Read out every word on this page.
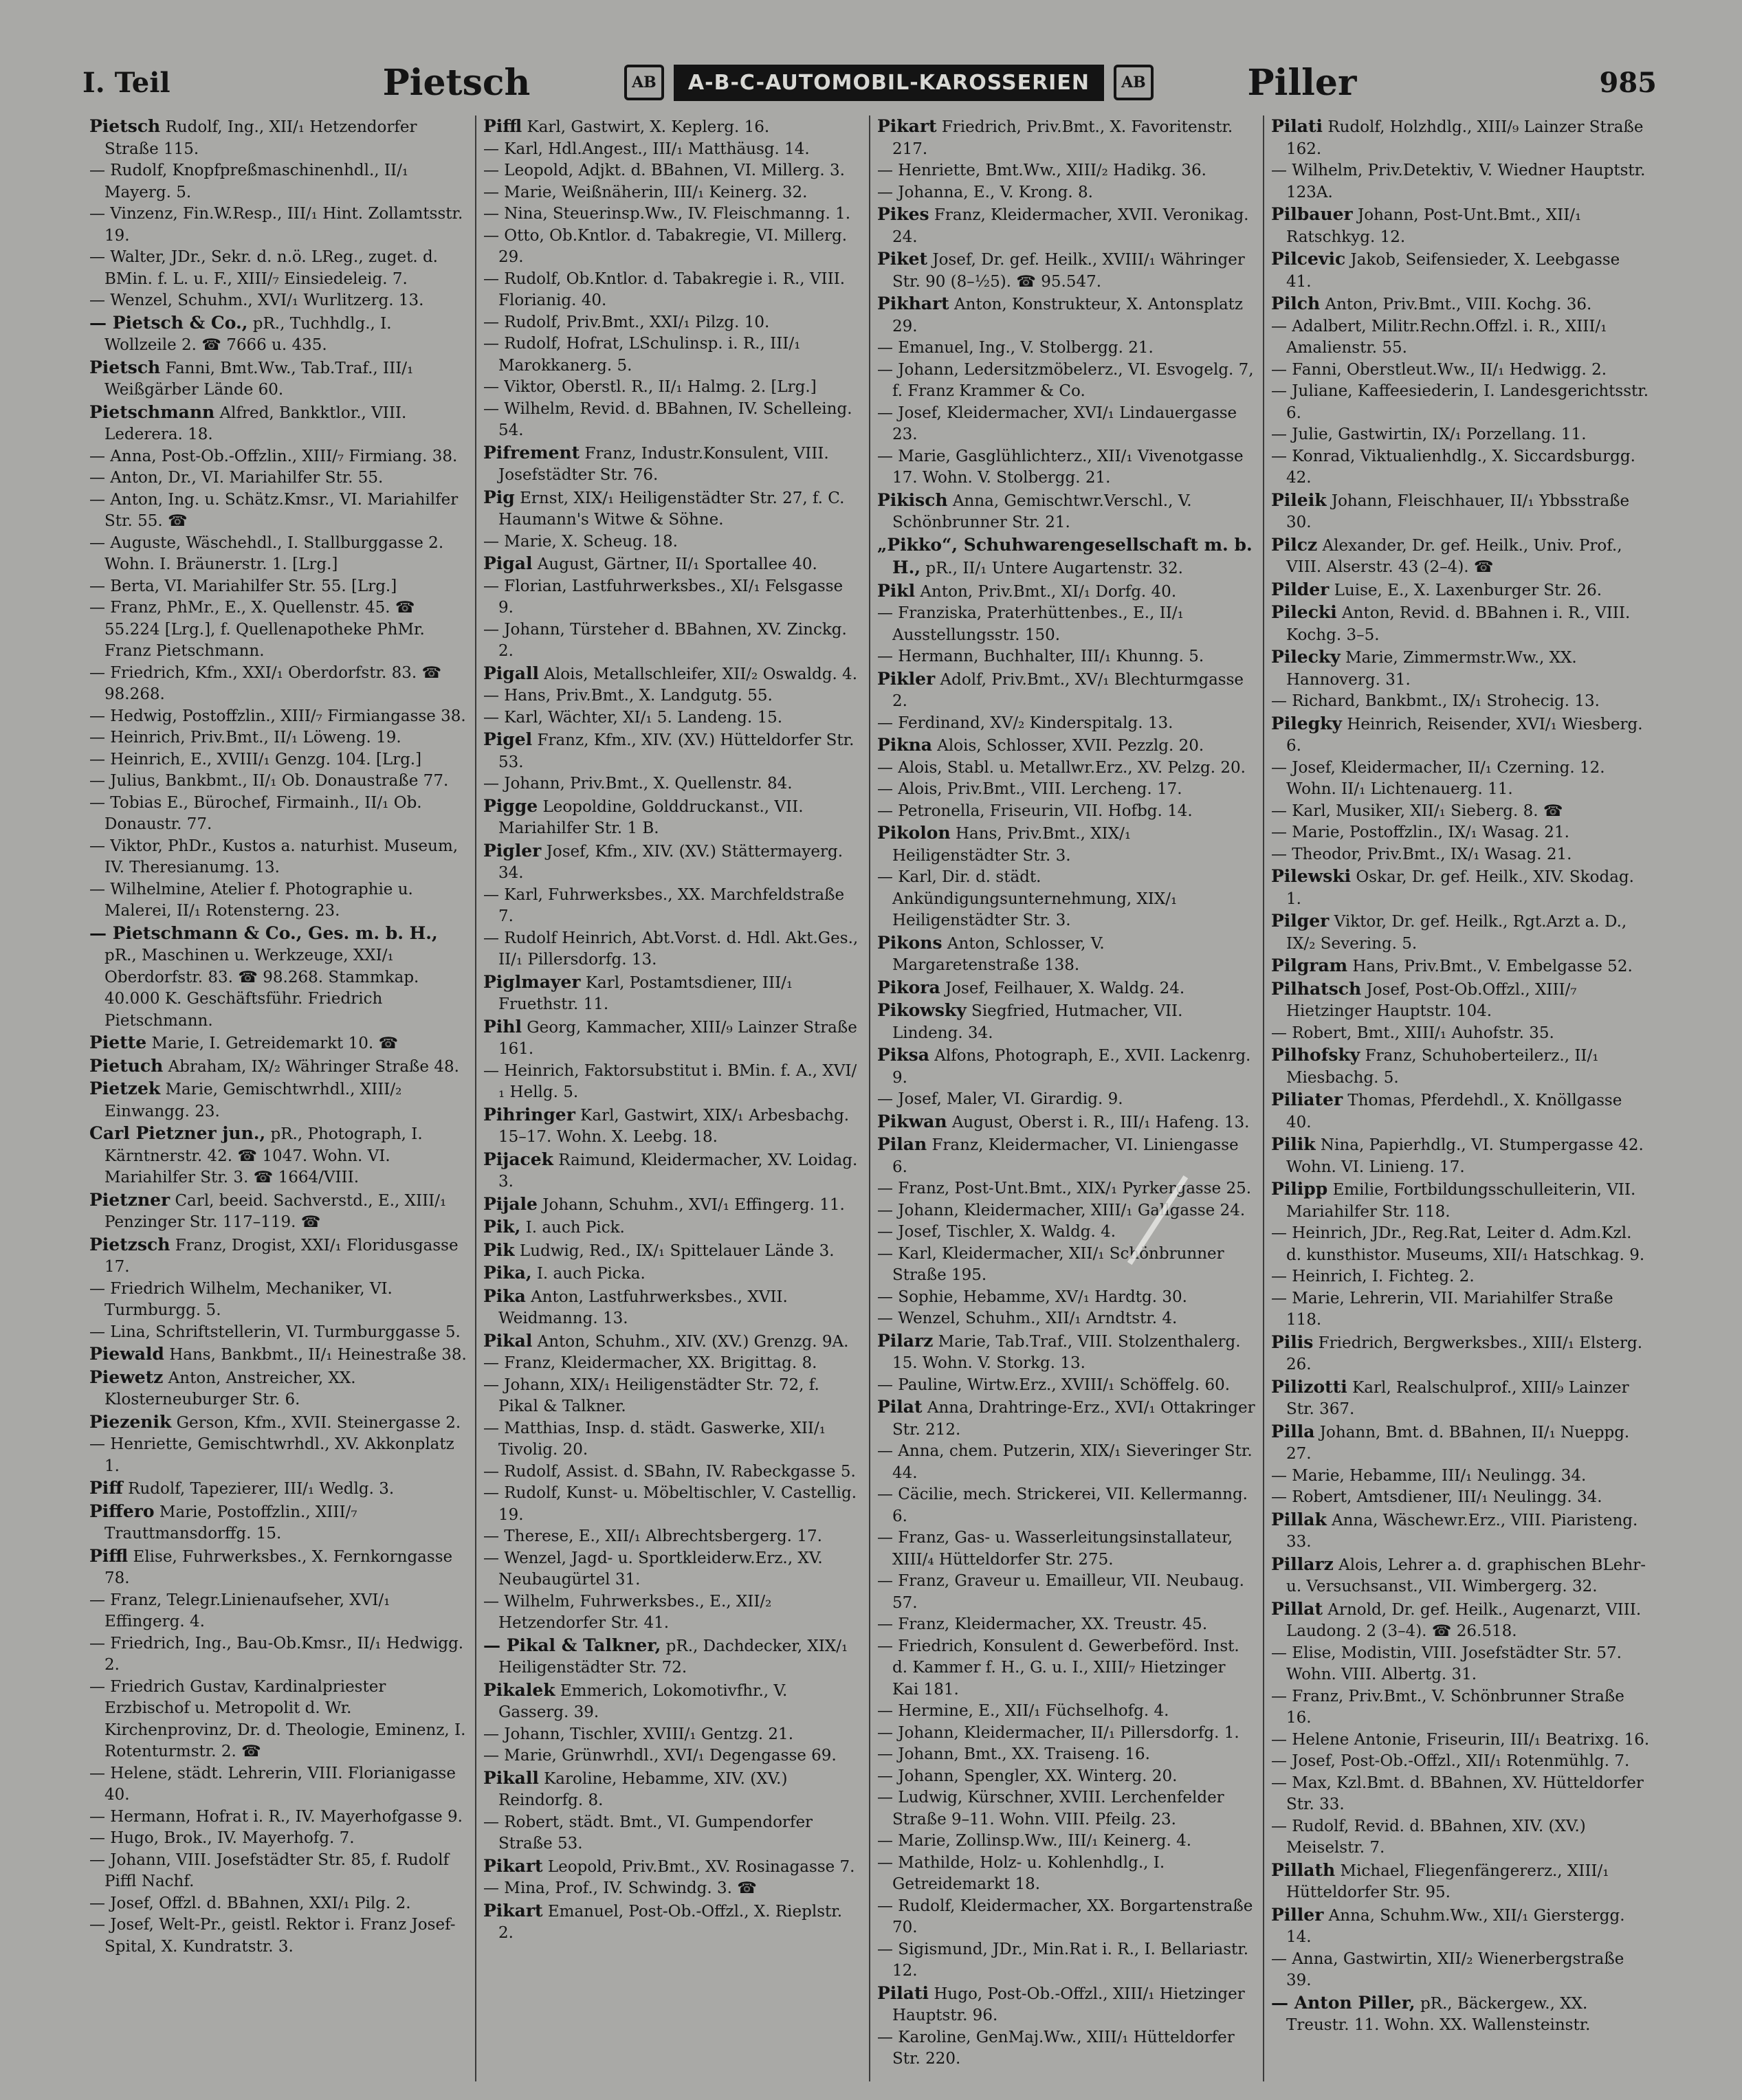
I. Teil	Pietsch	AB	A-B-C-AUTOMOBIL-KAROSSERIEN	AB	Piller	985

Pietsch Rudolf, Ing., XII/₁ Hetzendorfer Straße 115.

— Rudolf, Knopfpreßmaschinenhdl., II/₁ Mayerg. 5.

— Vinzenz, Fin.W.Resp., III/₁ Hint. Zollamtsstr. 19.

— Walter, JDr., Sekr. d. n.ö. LReg., zuget. d. BMin. f. L. u. F., XIII/₇ Einsiedeleig. 7.

— Wenzel, Schuhm., XVI/₁ Wurlitzerg. 13.

— Pietsch & Co., pR., Tuchhdlg., I. Wollzeile 2. ☎ 7666 u. 435.

Pietsch Fanni, Bmt.Ww., Tab.Traf., III/₁ Weißgärber Lände 60.

Pietschmann Alfred, Bankktlor., VIII. Lederera. 18.

— Anna, Post-Ob.-Offzlin., XIII/₇ Firmiang. 38.

— Anton, Dr., VI. Mariahilfer Str. 55.

— Anton, Ing. u. Schätz.Kmsr., VI. Mariahilfer Str. 55. ☎

— Auguste, Wäschehdl., I. Stallburggasse 2. Wohn. I. Bräunerstr. 1. [Lrg.]

— Berta, VI. Mariahilfer Str. 55. [Lrg.]

— Franz, PhMr., E., X. Quellenstr. 45. ☎ 55.224 [Lrg.], f. Quellenapotheke PhMr. Franz Pietschmann.

— Friedrich, Kfm., XXI/₁ Oberdorfstr. 83. ☎ 98.268.

— Hedwig, Postoffzlin., XIII/₇ Firmiangasse 38.

— Heinrich, Priv.Bmt., II/₁ Löweng. 19.

— Heinrich, E., XVIII/₁ Genzg. 104. [Lrg.]

— Julius, Bankbmt., II/₁ Ob. Donaustraße 77.

— Tobias E., Bürochef, Firmainh., II/₁ Ob. Donaustr. 77.

— Viktor, PhDr., Kustos a. naturhist. Museum, IV. Theresianumg. 13.

— Wilhelmine, Atelier f. Photographie u. Malerei, II/₁ Rotensterng. 23.

— Pietschmann & Co., Ges. m. b. H., pR., Maschinen u. Werkzeuge, XXI/₁ Oberdorfstr. 83. ☎ 98.268. Stammkap. 40.000 K. Geschäftsführ. Friedrich Pietschmann.

Piette Marie, I. Getreidemarkt 10. ☎

Pietuch Abraham, IX/₂ Währinger Straße 48.

Pietzek Marie, Gemischtwrhdl., XIII/₂ Einwangg. 23.

Carl Pietzner jun., pR., Photograph, I. Kärntnerstr. 42. ☎ 1047. Wohn. VI. Mariahilfer Str. 3. ☎ 1664/VIII.

Pietzner Carl, beeid. Sachverstd., E., XIII/₁ Penzinger Str. 117–119. ☎

Pietzsch Franz, Drogist, XXI/₁ Floridusgasse 17.

— Friedrich Wilhelm, Mechaniker, VI. Turmburgg. 5.

— Lina, Schriftstellerin, VI. Turmburggasse 5.

Piewald Hans, Bankbmt., II/₁ Heinestraße 38.

Piewetz Anton, Anstreicher, XX. Klosterneuburger Str. 6.

Piezenik Gerson, Kfm., XVII. Steinergasse 2.

— Henriette, Gemischtwrhdl., XV. Akkonplatz 1.

Piff Rudolf, Tapezierer, III/₁ Wedlg. 3.

Piffero Marie, Postoffzlin., XIII/₇ Trauttmansdorffg. 15.

Piffl Elise, Fuhrwerksbes., X. Fernkorngasse 78.

— Franz, Telegr.Linienaufseher, XVI/₁ Effingerg. 4.

— Friedrich, Ing., Bau-Ob.Kmsr., II/₁ Hedwigg. 2.

— Friedrich Gustav, Kardinalpriester Erzbischof u. Metropolit d. Wr. Kirchenprovinz, Dr. d. Theologie, Eminenz, I. Rotenturmstr. 2. ☎

— Helene, städt. Lehrerin, VIII. Florianigasse 40.

— Hermann, Hofrat i. R., IV. Mayerhofgasse 9.

— Hugo, Brok., IV. Mayerhofg. 7.

— Johann, VIII. Josefstädter Str. 85, f. Rudolf Piffl Nachf.

— Josef, Offzl. d. BBahnen, XXI/₁ Pilg. 2.

— Josef, Welt-Pr., geistl. Rektor i. Franz Josef-Spital, X. Kundratstr. 3.

Piffl Karl, Gastwirt, X. Keplerg. 16.

— Karl, Hdl.Angest., III/₁ Matthäusg. 14.

— Leopold, Adjkt. d. BBahnen, VI. Millerg. 3.

— Marie, Weißnäherin, III/₁ Keinerg. 32.

— Nina, Steuerinsp.Ww., IV. Fleischmanng. 1.

— Otto, Ob.Kntlor. d. Tabakregie, VI. Millerg. 29.

— Rudolf, Ob.Kntlor. d. Tabakregie i. R., VIII. Florianig. 40.

— Rudolf, Priv.Bmt., XXI/₁ Pilzg. 10.

— Rudolf, Hofrat, LSchulinsp. i. R., III/₁ Marokkanerg. 5.

— Viktor, Oberstl. R., II/₁ Halmg. 2. [Lrg.]

— Wilhelm, Revid. d. BBahnen, IV. Schelleing. 54.

Pifrement Franz, Industr.Konsulent, VIII. Josefstädter Str. 76.

Pig Ernst, XIX/₁ Heiligenstädter Str. 27, f. C. Haumann's Witwe & Söhne.

— Marie, X. Scheug. 18.

Pigal August, Gärtner, II/₁ Sportallee 40.

— Florian, Lastfuhrwerksbes., XI/₁ Felsgasse 9.

— Johann, Türsteher d. BBahnen, XV. Zinckg. 2.

Pigall Alois, Metallschleifer, XII/₂ Oswaldg. 4.

— Hans, Priv.Bmt., X. Landgutg. 55.

— Karl, Wächter, XI/₁ 5. Landeng. 15.

Pigel Franz, Kfm., XIV. (XV.) Hütteldorfer Str. 53.

— Johann, Priv.Bmt., X. Quellenstr. 84.

Pigge Leopoldine, Golddruckanst., VII. Mariahilfer Str. 1 B.

Pigler Josef, Kfm., XIV. (XV.) Stättermayerg. 34.

— Karl, Fuhrwerksbes., XX. Marchfeldstraße 7.

— Rudolf Heinrich, Abt.Vorst. d. Hdl. Akt.Ges., II/₁ Pillersdorfg. 13.

Piglmayer Karl, Postamtsdiener, III/₁ Fruethstr. 11.

Pihl Georg, Kammacher, XIII/₉ Lainzer Straße 161.

— Heinrich, Faktorsubstitut i. BMin. f. A., XVI/₁ Hellg. 5.

Pihringer Karl, Gastwirt, XIX/₁ Arbesbachg. 15–17. Wohn. X. Leebg. 18.

Pijacek Raimund, Kleidermacher, XV. Loidag. 3.

Pijale Johann, Schuhm., XVI/₁ Effingerg. 11.

Pik, I. auch Pick.

Pik Ludwig, Red., IX/₁ Spittelauer Lände 3.

Pika, I. auch Picka.

Pika Anton, Lastfuhrwerksbes., XVII. Weidmanng. 13.

Pikal Anton, Schuhm., XIV. (XV.) Grenzg. 9A.

— Franz, Kleidermacher, XX. Brigittag. 8.

— Johann, XIX/₁ Heiligenstädter Str. 72, f. Pikal & Talkner.

— Matthias, Insp. d. städt. Gaswerke, XII/₁ Tivolig. 20.

— Rudolf, Assist. d. SBahn, IV. Rabeckgasse 5.

— Rudolf, Kunst- u. Möbeltischler, V. Castellig. 19.

— Therese, E., XII/₁ Albrechtsbergerg. 17.

— Wenzel, Jagd- u. Sportkleiderw.Erz., XV. Neubaugürtel 31.

— Wilhelm, Fuhrwerksbes., E., XII/₂ Hetzendorfer Str. 41.

— Pikal & Talkner, pR., Dachdecker, XIX/₁ Heiligenstädter Str. 72.

Pikalek Emmerich, Lokomotivfhr., V. Gasserg. 39.

— Johann, Tischler, XVIII/₁ Gentzg. 21.

— Marie, Grünwrhdl., XVI/₁ Degengasse 69.

Pikall Karoline, Hebamme, XIV. (XV.) Reindorfg. 8.

— Robert, städt. Bmt., VI. Gumpendorfer Straße 53.

Pikart Leopold, Priv.Bmt., XV. Rosinagasse 7.

— Mina, Prof., IV. Schwindg. 3. ☎

Pikart Emanuel, Post-Ob.-Offzl., X. Rieplstr. 2.

Pikart Friedrich, Priv.Bmt., X. Favoritenstr. 217.

— Henriette, Bmt.Ww., XIII/₂ Hadikg. 36.

— Johanna, E., V. Krong. 8.

Pikes Franz, Kleidermacher, XVII. Veronikag. 24.

Piket Josef, Dr. gef. Heilk., XVIII/₁ Währinger Str. 90 (8–½5). ☎ 95.547.

Pikhart Anton, Konstrukteur, X. Antonsplatz 29.

— Emanuel, Ing., V. Stolbergg. 21.

— Johann, Ledersitzmöbelerz., VI. Esvogelg. 7, f. Franz Krammer & Co.

— Josef, Kleidermacher, XVI/₁ Lindauergasse 23.

— Marie, Gasglühlichterz., XII/₁ Vivenotgasse 17. Wohn. V. Stolbergg. 21.

Pikisch Anna, Gemischtwr.Verschl., V. Schönbrunner Str. 21.

„Pikko“, Schuhwarengesellschaft m. b. H., pR., II/₁ Untere Augartenstr. 32.

Pikl Anton, Priv.Bmt., XI/₁ Dorfg. 40.

— Franziska, Praterhüttenbes., E., II/₁ Ausstellungsstr. 150.

— Hermann, Buchhalter, III/₁ Khunng. 5.

Pikler Adolf, Priv.Bmt., XV/₁ Blechturmgasse 2.

— Ferdinand, XV/₂ Kinderspitalg. 13.

Pikna Alois, Schlosser, XVII. Pezzlg. 20.

— Alois, Stabl. u. Metallwr.Erz., XV. Pelzg. 20.

— Alois, Priv.Bmt., VIII. Lercheng. 17.

— Petronella, Friseurin, VII. Hofbg. 14.

Pikolon Hans, Priv.Bmt., XIX/₁ Heiligenstädter Str. 3.

— Karl, Dir. d. städt. Ankündigungsunternehmung, XIX/₁ Heiligenstädter Str. 3.

Pikons Anton, Schlosser, V. Margaretenstraße 138.

Pikora Josef, Feilhauer, X. Waldg. 24.

Pikowsky Siegfried, Hutmacher, VII. Lindeng. 34.

Piksa Alfons, Photograph, E., XVII. Lackenrg. 9.

— Josef, Maler, VI. Girardig. 9.

Pikwan August, Oberst i. R., III/₁ Hafeng. 13.

Pilan Franz, Kleidermacher, VI. Liniengasse 6.

— Franz, Post-Unt.Bmt., XIX/₁ Pyrkergasse 25.

— Johann, Kleidermacher, XIII/₁ Gallgasse 24.

— Josef, Tischler, X. Waldg. 4.

— Karl, Kleidermacher, XII/₁ Schönbrunner Straße 195.

— Sophie, Hebamme, XV/₁ Hardtg. 30.

— Wenzel, Schuhm., XII/₁ Arndtstr. 4.

Pilarz Marie, Tab.Traf., VIII. Stolzenthalerg. 15. Wohn. V. Storkg. 13.

— Pauline, Wirtw.Erz., XVIII/₁ Schöffelg. 60.

Pilat Anna, Drahtringe-Erz., XVI/₁ Ottakringer Str. 212.

— Anna, chem. Putzerin, XIX/₁ Sieveringer Str. 44.

— Cäcilie, mech. Strickerei, VII. Kellermanng. 6.

— Franz, Gas- u. Wasserleitungsinstallateur, XIII/₄ Hütteldorfer Str. 275.

— Franz, Graveur u. Emailleur, VII. Neubaug. 57.

— Franz, Kleidermacher, XX. Treustr. 45.

— Friedrich, Konsulent d. Gewerbeförd. Inst. d. Kammer f. H., G. u. I., XIII/₇ Hietzinger Kai 181.

— Hermine, E., XII/₁ Füchselhofg. 4.

— Johann, Kleidermacher, II/₁ Pillersdorfg. 1.

— Johann, Bmt., XX. Traiseng. 16.

— Johann, Spengler, XX. Winterg. 20.

— Ludwig, Kürschner, XVIII. Lerchenfelder Straße 9–11. Wohn. VIII. Pfeilg. 23.

— Marie, Zollinsp.Ww., III/₁ Keinerg. 4.

— Mathilde, Holz- u. Kohlenhdlg., I. Getreidemarkt 18.

— Rudolf, Kleidermacher, XX. Borgartenstraße 70.

— Sigismund, JDr., Min.Rat i. R., I. Bellariastr. 12.

Pilati Hugo, Post-Ob.-Offzl., XIII/₁ Hietzinger Hauptstr. 96.

— Karoline, GenMaj.Ww., XIII/₁ Hütteldorfer Str. 220.

Pilati Rudolf, Holzhdlg., XIII/₉ Lainzer Straße 162.

— Wilhelm, Priv.Detektiv, V. Wiedner Hauptstr. 123A.

Pilbauer Johann, Post-Unt.Bmt., XII/₁ Ratschkyg. 12.

Pilcevic Jakob, Seifensieder, X. Leebgasse 41.

Pilch Anton, Priv.Bmt., VIII. Kochg. 36.

— Adalbert, Militr.Rechn.Offzl. i. R., XIII/₁ Amalienstr. 55.

— Fanni, Oberstleut.Ww., II/₁ Hedwigg. 2.

— Juliane, Kaffeesiederin, I. Landesgerichtsstr. 6.

— Julie, Gastwirtin, IX/₁ Porzellang. 11.

— Konrad, Viktualienhdlg., X. Siccardsburgg. 42.

Pileik Johann, Fleischhauer, II/₁ Ybbsstraße 30.

Pilcz Alexander, Dr. gef. Heilk., Univ. Prof., VIII. Alserstr. 43 (2–4). ☎

Pilder Luise, E., X. Laxenburger Str. 26.

Pilecki Anton, Revid. d. BBahnen i. R., VIII. Kochg. 3–5.

Pilecky Marie, Zimmermstr.Ww., XX. Hannoverg. 31.

— Richard, Bankbmt., IX/₁ Strohecig. 13.

Pilegky Heinrich, Reisender, XVI/₁ Wiesberg. 6.

— Josef, Kleidermacher, II/₁ Czerning. 12. Wohn. II/₁ Lichtenauerg. 11.

— Karl, Musiker, XII/₁ Sieberg. 8. ☎

— Marie, Postoffzlin., IX/₁ Wasag. 21.

— Theodor, Priv.Bmt., IX/₁ Wasag. 21.

Pilewski Oskar, Dr. gef. Heilk., XIV. Skodag. 1.

Pilger Viktor, Dr. gef. Heilk., Rgt.Arzt a. D., IX/₂ Severing. 5.

Pilgram Hans, Priv.Bmt., V. Embelgasse 52.

Pilhatsch Josef, Post-Ob.Offzl., XIII/₇ Hietzinger Hauptstr. 104.

— Robert, Bmt., XIII/₁ Auhofstr. 35.

Pilhofsky Franz, Schuhoberteilerz., II/₁ Miesbachg. 5.

Piliater Thomas, Pferdehdl., X. Knöllgasse 40.

Pilik Nina, Papierhdlg., VI. Stumpergasse 42. Wohn. VI. Linieng. 17.

Pilipp Emilie, Fortbildungsschulleiterin, VII. Mariahilfer Str. 118.

— Heinrich, JDr., Reg.Rat, Leiter d. Adm.Kzl. d. kunsthistor. Museums, XII/₁ Hatschkag. 9.

— Heinrich, I. Fichteg. 2.

— Marie, Lehrerin, VII. Mariahilfer Straße 118.

Pilis Friedrich, Bergwerksbes., XIII/₁ Elsterg. 26.

Pilizotti Karl, Realschulprof., XIII/₉ Lainzer Str. 367.

Pilla Johann, Bmt. d. BBahnen, II/₁ Nueppg. 27.

— Marie, Hebamme, III/₁ Neulingg. 34.

— Robert, Amtsdiener, III/₁ Neulingg. 34.

Pillak Anna, Wäschewr.Erz., VIII. Piaristeng. 33.

Pillarz Alois, Lehrer a. d. graphischen BLehr- u. Versuchsanst., VII. Wimbergerg. 32.

Pillat Arnold, Dr. gef. Heilk., Augenarzt, VIII. Laudong. 2 (3–4). ☎ 26.518.

— Elise, Modistin, VIII. Josefstädter Str. 57. Wohn. VIII. Albertg. 31.

— Franz, Priv.Bmt., V. Schönbrunner Straße 16.

— Helene Antonie, Friseurin, III/₁ Beatrixg. 16.

— Josef, Post-Ob.-Offzl., XII/₁ Rotenmühlg. 7.

— Max, Kzl.Bmt. d. BBahnen, XV. Hütteldorfer Str. 33.

— Rudolf, Revid. d. BBahnen, XIV. (XV.) Meiselstr. 7.

Pillath Michael, Fliegenfängererz., XIII/₁ Hütteldorfer Str. 95.

Piller Anna, Schuhm.Ww., XII/₁ Gierstergg. 14.

— Anna, Gastwirtin, XII/₂ Wienerbergstraße 39.

— Anton Piller, pR., Bäckergew., XX. Treustr. 11. Wohn. XX. Wallensteinstr.
